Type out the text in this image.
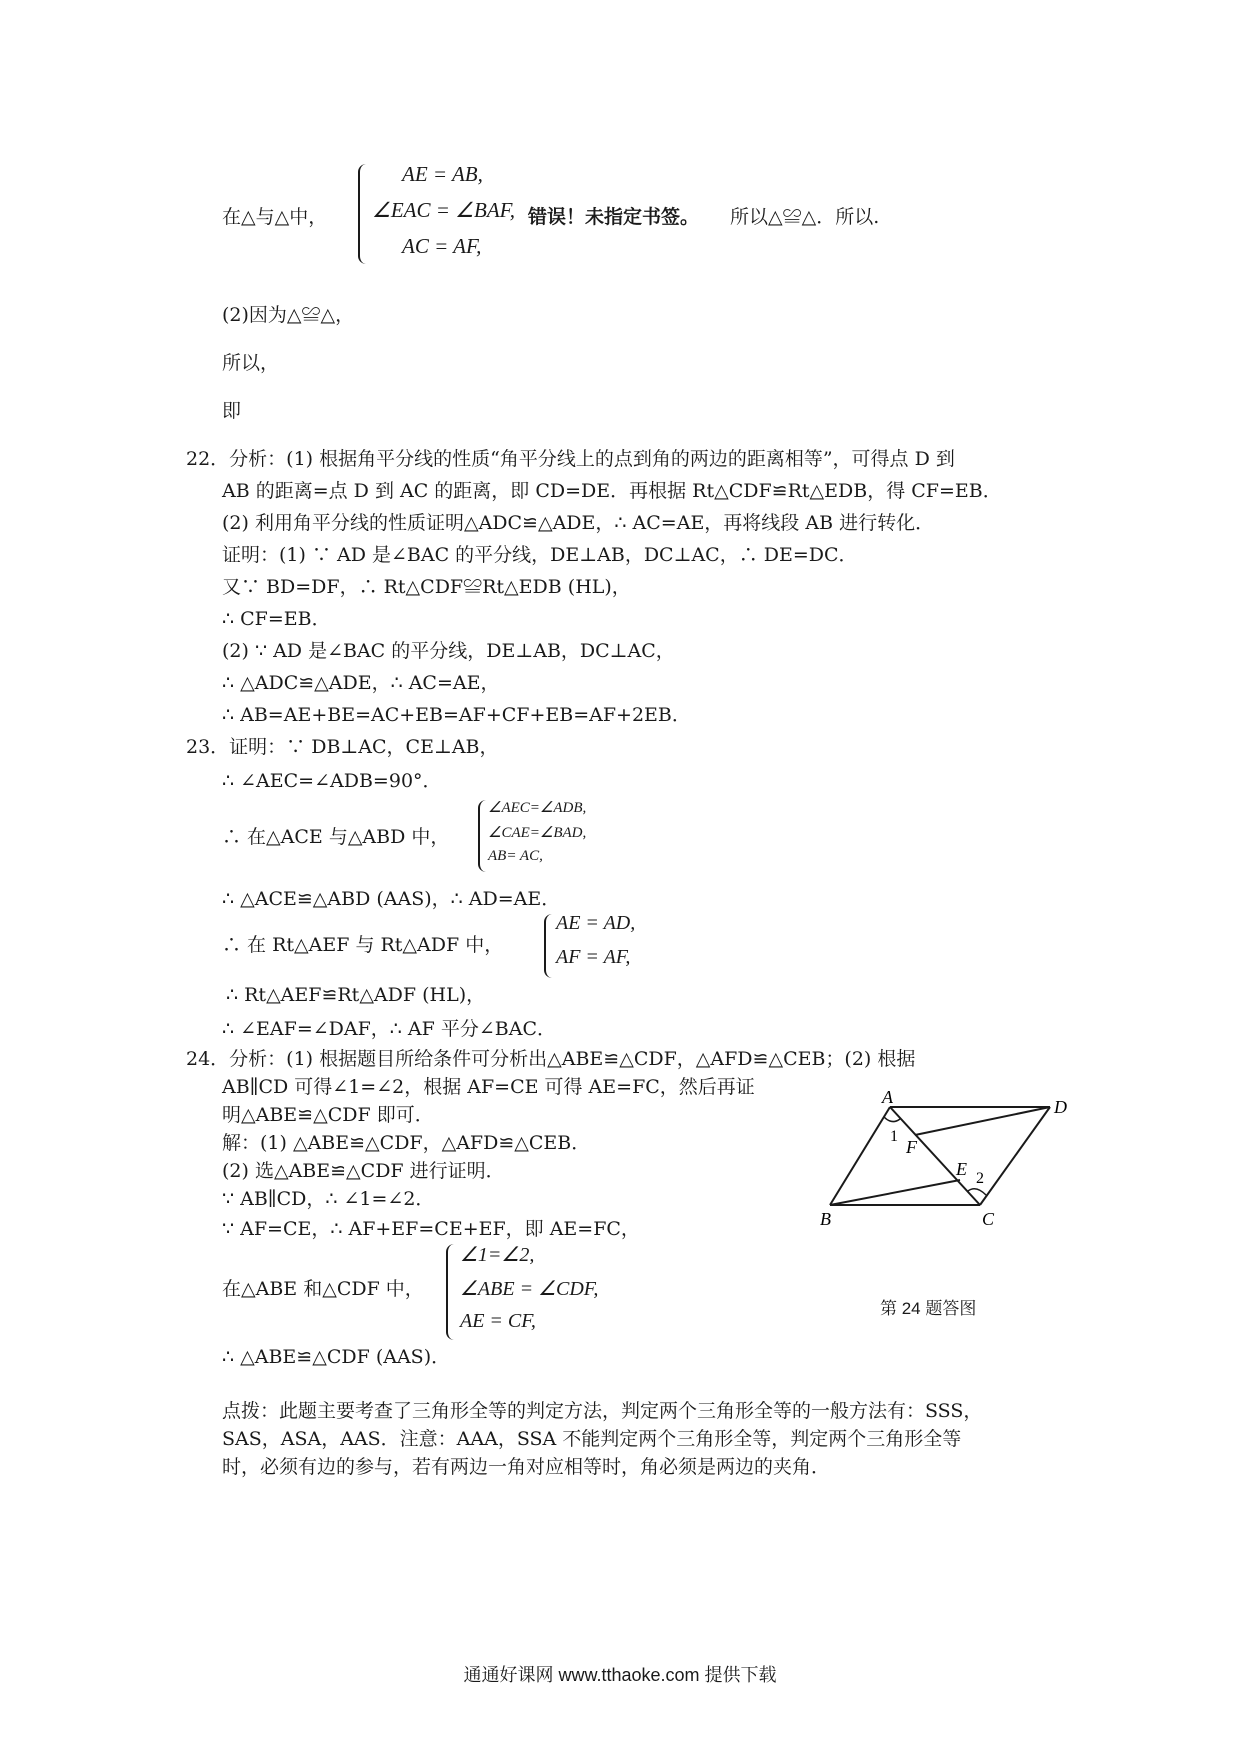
在△与△中，
AE = AB,
∠EAC = ∠BAF,
AC = AF,
错误！未指定书签。 所以△≌△．所以.
(2)因为△≌△，
所以，
即
22．分析：(1) 根据角平分线的性质“角平分线上的点到角的两边的距离相等”，可得点 D 到
AB 的距离=点 D 到 AC 的距离，即 CD=DE．再根据 Rt△CDF≌Rt△EDB，得 CF=EB．
(2) 利用角平分线的性质证明△ADC≌△ADE，∴ AC=AE，再将线段 AB 进行转化．
证明：(1) ∵ AD 是∠BAC 的平分线，DE⊥AB，DC⊥AC，∴ DE=DC．
又∵ BD=DF，∴ Rt△CDF≌Rt△EDB (HL)，
∴ CF=EB．
(2) ∵ AD 是∠BAC 的平分线，DE⊥AB，DC⊥AC，
∴ △ADC≌△ADE，∴ AC=AE，
∴ AB=AE+BE=AC+EB=AF+CF+EB=AF+2EB．
23．证明：∵ DB⊥AC，CE⊥AB，
∴ ∠AEC=∠ADB=90°．
∴ 在△ACE 与△ABD 中，
∠AEC=∠ADB,
∠CAE=∠BAD,
AB= AC,
∴ △ACE≌△ABD (AAS)，∴ AD=AE．
∴ 在 Rt△AEF 与 Rt△ADF 中，
AE = AD,
AF = AF,
∴ Rt△AEF≌Rt△ADF (HL)，
∴ ∠EAF=∠DAF，∴ AF 平分∠BAC．
24．分析：(1) 根据题目所给条件可分析出△ABE≌△CDF，△AFD≌△CEB；(2) 根据
AB∥CD 可得∠1=∠2，根据 AF=CE 可得 AE=FC，然后再证
明△ABE≌△CDF 即可．
解：(1) △ABE≌△CDF，△AFD≌△CEB．
(2) 选△ABE≌△CDF 进行证明．
∵ AB∥CD，∴ ∠1=∠2．
∵ AF=CE，∴ AF+EF=CE+EF，即 AE=FC，
在△ABE 和△CDF 中，
∠1=∠2,
∠ABE = ∠CDF,
AE = CF,
∴ △ABE≌△CDF (AAS)．
A	D
B	C
E
F
1
2
第 24 题答图
点拨：此题主要考查了三角形全等的判定方法，判定两个三角形全等的一般方法有：SSS，
SAS，ASA，AAS．注意：AAA，SSA 不能判定两个三角形全等，判定两个三角形全等
时，必须有边的参与，若有两边一角对应相等时，角必须是两边的夹角．
通通好课网 www.tthaoke.com 提供下载
